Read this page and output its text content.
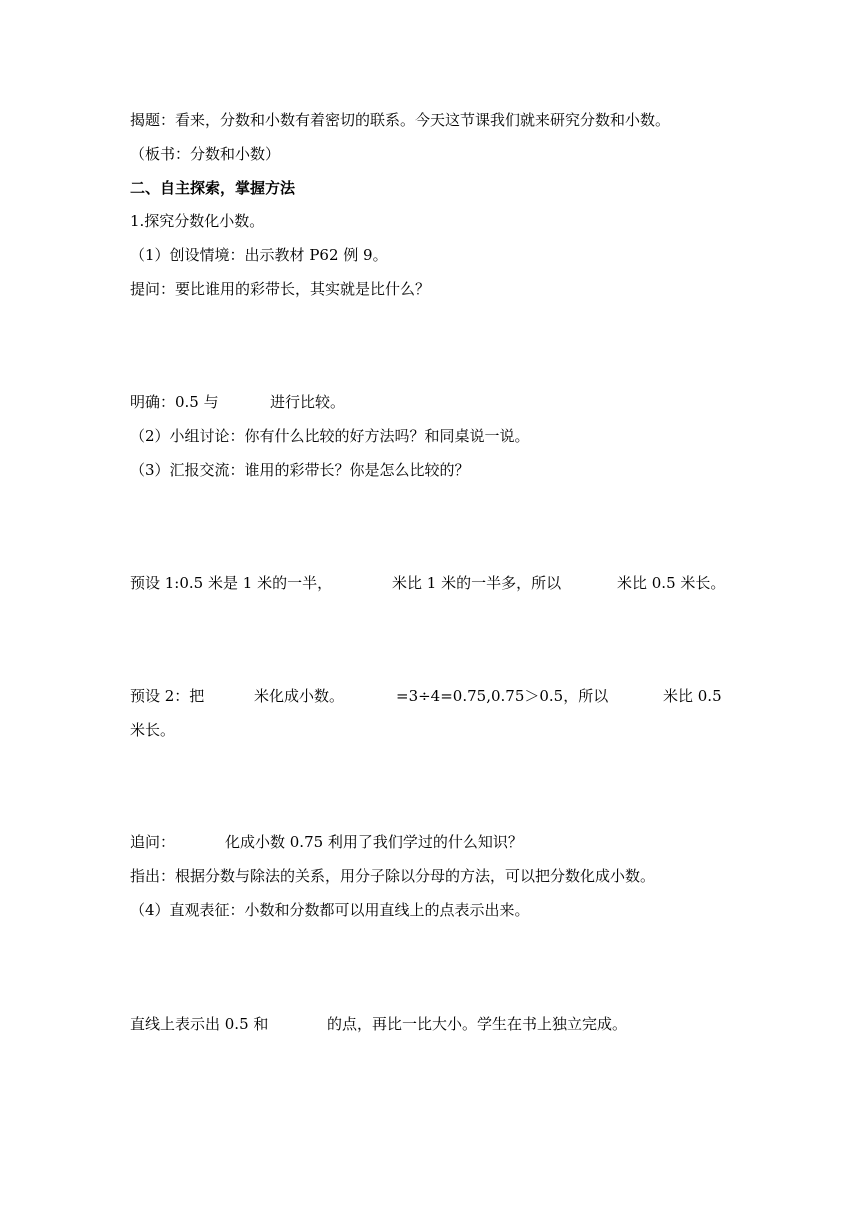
揭题：看来，分数和小数有着密切的联系。今天这节课我们就来研究分数和小数。
（板书：分数和小数）
二、自主探索，掌握方法
1.探究分数化小数。
（1）创设情境：出示教材 P62 例 9。
提问：要比谁用的彩带长，其实就是比什么？
明确：0.5 与	进行比较。
（2）小组讨论：你有什么比较的好方法吗？和同桌说一说。
（3）汇报交流：谁用的彩带长？你是怎么比较的？
预设 1:0.5 米是 1 米的一半，	米比 1 米的一半多，所以	米比 0.5 米长。
预设 2：把	米化成小数。	=3÷4=0.75,0.75＞0.5，所以	米比 0.5
米长。
追问：	化成小数 0.75 利用了我们学过的什么知识？
指出：根据分数与除法的关系，用分子除以分母的方法，可以把分数化成小数。
（4）直观表征：小数和分数都可以用直线上的点表示出来。
直线上表示出 0.5 和	的点，再比一比大小。学生在书上独立完成。
